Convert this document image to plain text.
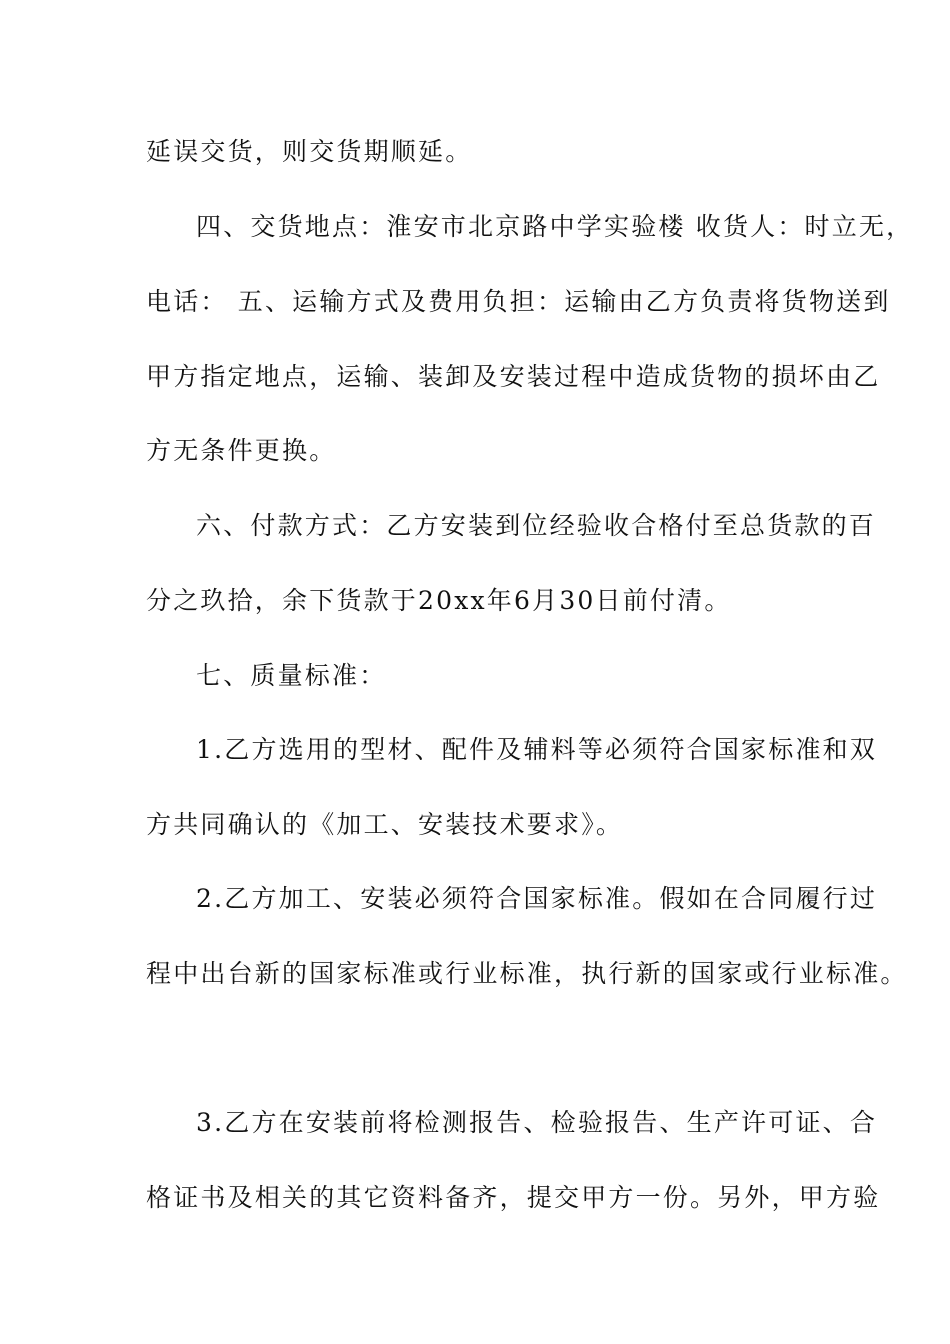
延误交货，则交货期顺延。
四、交货地点：淮安市北京路中学实验楼 收货人：时立无，
电话： 五、运输方式及费用负担：运输由乙方负责将货物送到
甲方指定地点，运输、装卸及安装过程中造成货物的损坏由乙
方无条件更换。
六、付款方式：乙方安装到位经验收合格付至总货款的百
分之玖拾，余下货款于20xx年6月30日前付清。
七、质量标准：
1.乙方选用的型材、配件及辅料等必须符合国家标准和双
方共同确认的《加工、安装技术要求》。
2.乙方加工、安装必须符合国家标准。假如在合同履行过
程中出台新的国家标准或行业标准，执行新的国家或行业标准。
3.乙方在安装前将检测报告、检验报告、生产许可证、合
格证书及相关的其它资料备齐，提交甲方一份。另外，甲方验
